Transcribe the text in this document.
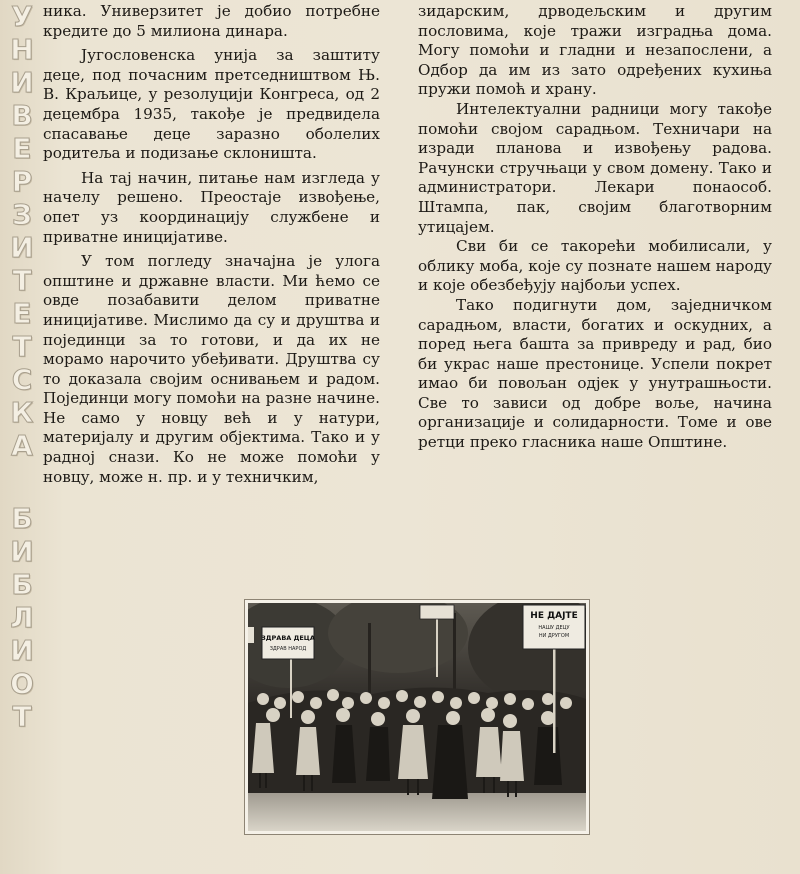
У
Н
И
В
Е
Р
З
И
Т
Е
Т
С
К
А
Б
И
Б
Л
И
О
Т

ника. Универзитет је добио потребне кредите до 5 милиона динара.

Југословенска унија за заштиту деце, под почасним претседништвом Њ. В. Краљице, у резолуцији Конгреса, од 2 децембра 1935, такође је предвидела спасавање деце заразно оболелих родитеља и подизање склоништа.

На тај начин, питање нам изгледа у начелу решено. Преостаје извођење, опет уз координацију службене и приватне иницијативе.

У том погледу значајна је улога општине и државне власти. Ми ћемо се овде позабавити делом приватне иницијативе. Мислимо да су и друштва и појединци за то готови, и да их не морамо нарочито убеђивати. Друштва су то доказала својим оснивањем и радом. Појединци могу помоћи на разне начине. Не само у новцу већ и у натури, материјалу и другим објектима. Тако и у радној снази. Ко не може помоћи у новцу, може н. пр. и у техничким,

зидарским, дрводељским и другим пословима, које тражи изградња дома. Могу помоћи и гладни и незапослени, а Одбор да им из зато одређених кухиња пружи помоћ и храну.

Интелектуални радници могу такође помоћи својом сарадњом. Техничари на изради планова и извођењу радова. Рачунски стручњаци у свом домену. Тако и администратори. Лекари понаособ. Штампа, пак, својим благотворним утицајем.

Сви би се такорећи мобилисали, у облику моба, које су познате нашем народу и које обезбеђују најбољи успех.

Тако подигнути дом, заједничком сарадњом, власти, богатих и оскудних, а поред њега башта за привреду и рад, био би украс наше престонице. Успели покрет имао би повољан одјек у унутрашњости. Све то зависи од добре воље, начина организације и солидарности. Томе и ове ретци преко гласника наше Општине.

НЕ ДАЈТЕ
НАШУ ДЕЦУ
НИ ДРУГОМ
ЗДРАВА ДЕЦА
ЗДРАВ НАРОД
